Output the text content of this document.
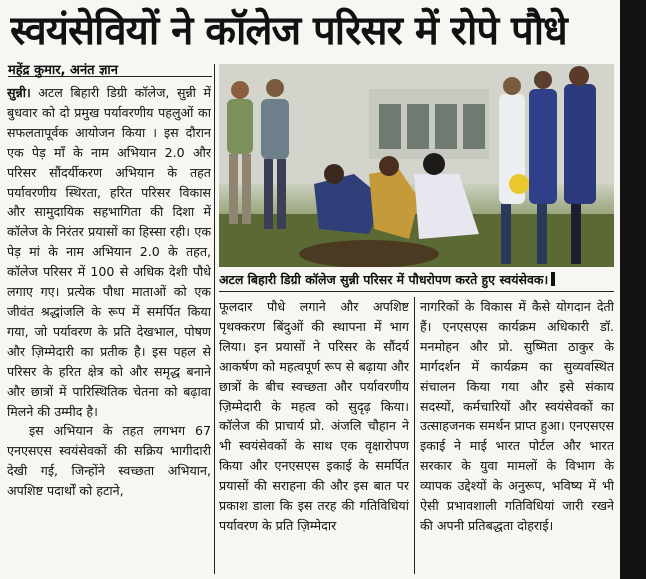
स्वयंसेवियों ने कॉलेज परिसर में रोपे पौधे
महेंद्र कुमार, अनंत ज्ञान

सुन्नी। अटल बिहारी डिग्री कॉलेज, सुन्नी में बुधवार को दो प्रमुख पर्यावरणीय पहलुओं का सफलतापूर्वक आयोजन किया । इस दौरान एक पेड़ माँ के नाम अभियान 2.0 और परिसर सौंदर्यीकरण अभियान के तहत पर्यावरणीय स्थिरता, हरित परिसर विकास और सामुदायिक सहभागिता की दिशा में कॉलेज के निरंतर प्रयासों का हिस्सा रही। एक पेड़ मां के नाम अभियान 2.0 के तहत, कॉलेज परिसर में 100 से अधिक देशी पौधे लगाए गए। प्रत्येक पौधा माताओं को एक जीवंत श्रद्धांजलि के रूप में समर्पित किया गया, जो पर्यावरण के प्रति देखभाल, पोषण और ज़िम्मेदारी का प्रतीक है। इस पहल से परिसर के हरित क्षेत्र को और समृद्ध बनाने और छात्रों में पारिस्थितिक चेतना को बढ़ावा मिलने की उम्मीद है।

इस अभियान के तहत लगभग 67 एनएसएस स्वयंसेवकों की सक्रिय भागीदारी देखी गई, जिन्होंने स्वच्छता अभियान, अपशिष्ट पदार्थों को हटाने,

अटल बिहारी डिग्री कॉलेज सुन्नी परिसर में पौधरोपण करते हुए स्वयंसेवक।

फूलदार पौधे लगाने और अपशिष्ट पृथक्करण बिंदुओं की स्थापना में भाग लिया। इन प्रयासों ने परिसर के सौंदर्य आकर्षण को महत्वपूर्ण रूप से बढ़ाया और छात्रों के बीच स्वच्छता और पर्यावरणीय ज़िम्मेदारी के महत्व को सुदृढ़ किया। कॉलेज की प्राचार्य प्रो. अंजलि चौहान ने भी स्वयंसेवकों के साथ एक वृक्षारोपण किया और एनएसएस इकाई के समर्पित प्रयासों की सराहना की और इस बात पर प्रकाश डाला कि इस तरह की गतिविधियां पर्यावरण के प्रति ज़िम्मेदार

नागरिकों के विकास में कैसे योगदान देती हैं। एनएसएस कार्यक्रम अधिकारी डॉ. मनमोहन और प्रो. सुष्मिता ठाकुर के मार्गदर्शन में कार्यक्रम का सुव्यवस्थित संचालन किया गया और इसे संकाय सदस्यों, कर्मचारियों और स्वयंसेवकों का उत्साहजनक समर्थन प्राप्त हुआ। एनएसएस इकाई ने माई भारत पोर्टल और भारत सरकार के युवा मामलों के विभाग के व्यापक उद्देश्यों के अनुरूप, भविष्य में भी ऐसी प्रभावशाली गतिविधियां जारी रखने की अपनी प्रतिबद्धता दोहराई।
